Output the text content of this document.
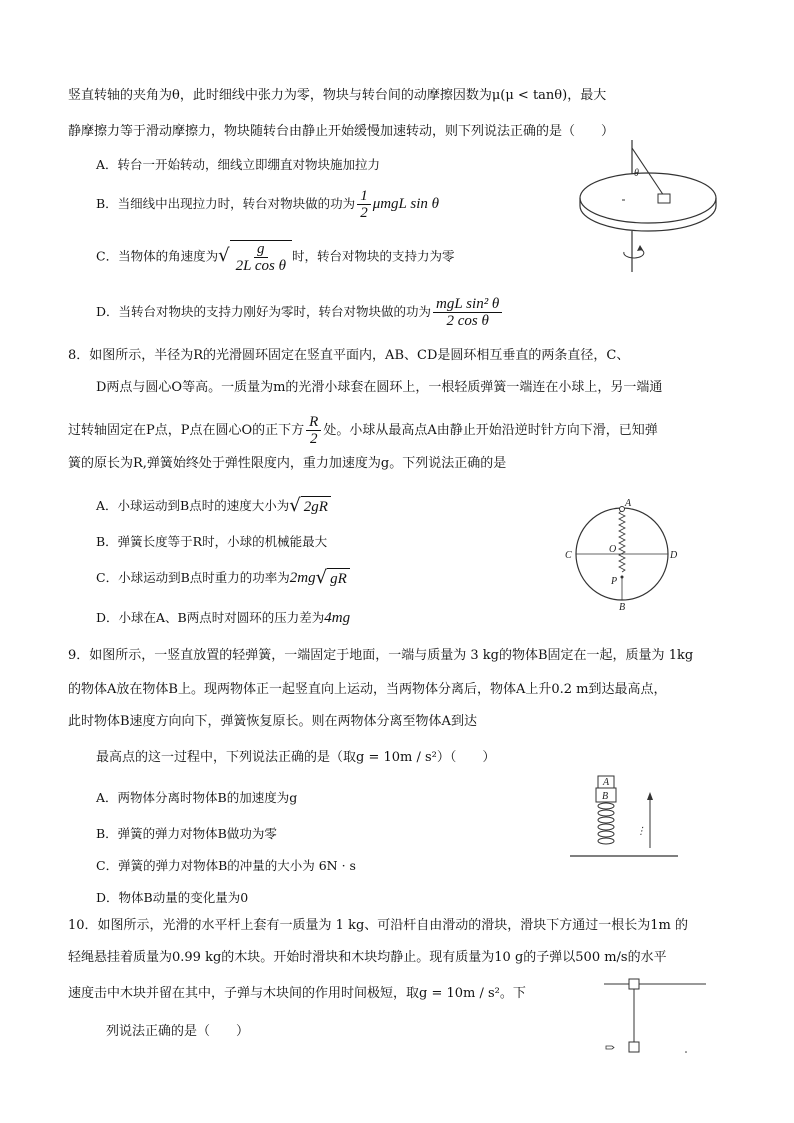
竖直转轴的夹角为θ，此时细线中张力为零，物块与转台间的动摩擦因数为μ(μ < tanθ)，最大
静摩擦力等于滑动摩擦力，物块随转台由静止开始缓慢加速转动，则下列说法正确的是（　　）
A．转台一开始转动，细线立即绷直对物块施加拉力
B．当细线中出现拉力时，转台对物块做的功为 $\frac{1}{2}$ μmgL sin θ
C．当物体的角速度为√ $\frac{g}{\text{2L cos θ}}$ 时，转台对物块的支持力为零
D．当转台对物块的支持力刚好为零时，转台对物块做的功为 $\frac{\text{mgL sin² θ}}{\text{2 cos θ}}$
θ
8．如图所示，半径为R的光滑圆环固定在竖直平面内，AB、CD是圆环相互垂直的两条直径，C、
D两点与圆心O等高。一质量为m的光滑小球套在圆环上，一根轻质弹簧一端连在小球上，另一端通
过转轴固定在P点，P点在圆心O的正下方 $\frac{R}{2}$ 处。小球从最高点A由静止开始沿逆时针方向下滑，已知弹
簧的原长为R,弹簧始终处于弹性限度内，重力加速度为g。下列说法正确的是
A．小球运动到B点时的速度大小为√ 2gR
B．弹簧长度等于R时，小球的机械能最大
C．小球运动到B点时重力的功率为2mg√ gR
D．小球在A、B两点时对圆环的压力差为4mg
A
B
C	D
O
P
9．如图所示，一竖直放置的轻弹簧，一端固定于地面，一端与质量为 3 kg的物体B固定在一起，质量为 1kg
的物体A放在物体B上。现两物体正一起竖直向上运动，当两物体分离后，物体A上升0.2 m到达最高点，
此时物体B速度方向向下，弹簧恢复原长。则在两物体分离至物体A到达
最高点的这一过程中，下列说法正确的是（取g = 10m / s²）（　　）
A．两物体分离时物体B的加速度为g
B．弹簧的弹力对物体B做功为零
C．弹簧的弹力对物体B的冲量的大小为 6N · s
D．物体B动量的变化量为0
A
B
⋮
10．如图所示，光滑的水平杆上套有一质量为 1 kg、可沿杆自由滑动的滑块，滑块下方通过一根长为1m 的
轻绳悬挂着质量为0.99 kg的木块。开始时滑块和木块均静止。现有质量为10 g的子弹以500 m/s的水平
速度击中木块并留在其中，子弹与木块间的作用时间极短，取g = 10m / s²。下
列说法正确的是（　　）
